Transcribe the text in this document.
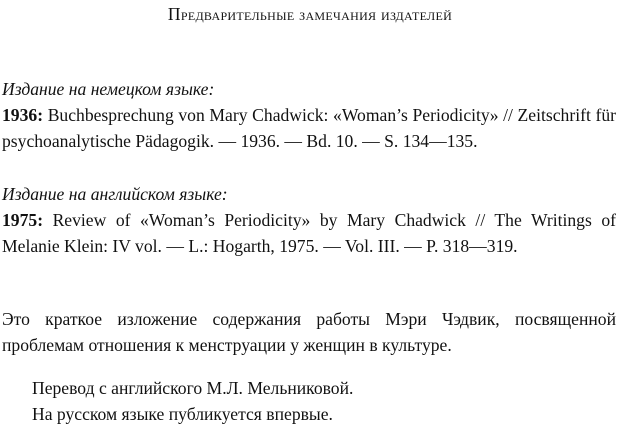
Предварительные замечания издателей
Издание на немецком языке:
1936: Buchbesprechung von Mary Chadwick: «Woman’s Periodicity» // Zeitschrift für psychoanalytische Pädagogik. — 1936. — Bd. 10. — S. 134—135.
Издание на английском языке:
1975: Review of «Woman’s Periodicity» by Mary Chadwick // The Writings of Melanie Klein: IV vol. — L.: Hogarth, 1975. — Vol. III. — P. 318—319.
Это краткое изложение содержания работы Мэри Чэдвик, посвященной проблемам отношения к менструации у женщин в культуре.
Перевод с английского М.Л. Мельниковой.
На русском языке публикуется впервые.
